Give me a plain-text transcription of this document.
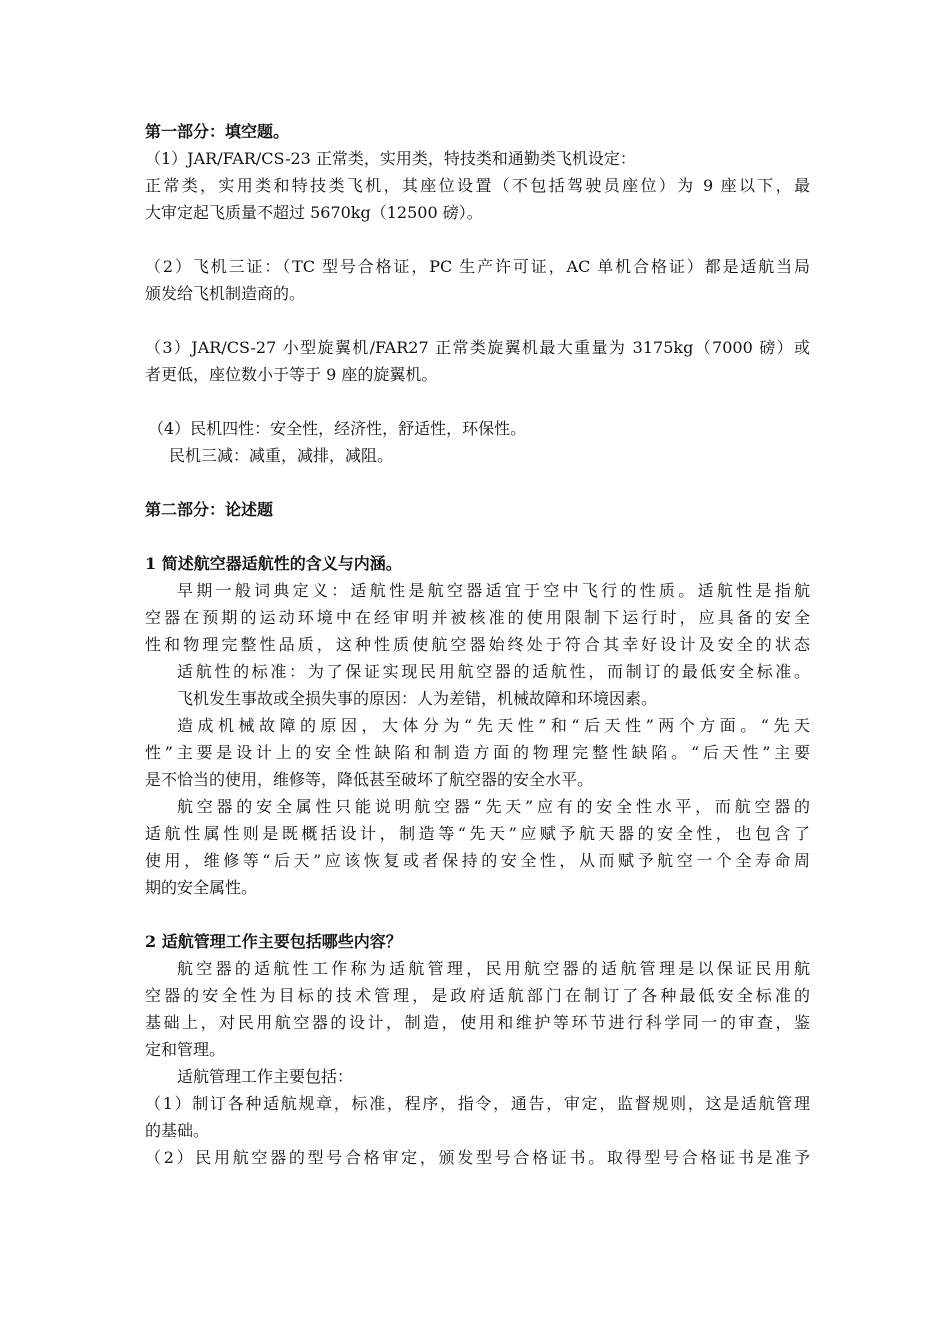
第一部分：填空题。
（1）JAR/FAR/CS-23 正常类，实用类，特技类和通勤类飞机设定：
正常类，实用类和特技类飞机，其座位设置（不包括驾驶员座位）为 9 座以下，最
大审定起飞质量不超过 5670kg（12500 磅）。
（2）飞机三证：（TC 型号合格证，PC 生产许可证，AC 单机合格证）都是适航当局
颁发给飞机制造商的。
（3）JAR/CS-27 小型旋翼机/FAR27 正常类旋翼机最大重量为 3175kg（7000 磅）或
者更低，座位数小于等于 9 座的旋翼机。
（4）民机四性：安全性，经济性，舒适性，环保性。
民机三减：减重，减排，减阻。
第二部分：论述题
1 简述航空器适航性的含义与内涵。
早期一般词典定义：适航性是航空器适宜于空中飞行的性质。适航性是指航
空器在预期的运动环境中在经审明并被核准的使用限制下运行时，应具备的安全
性和物理完整性品质，这种性质使航空器始终处于符合其幸好设计及安全的状态
适航性的标准：为了保证实现民用航空器的适航性，而制订的最低安全标准。
飞机发生事故或全损失事的原因：人为差错，机械故障和环境因素。
造成机械故障的原因，大体分为“先天性”和“后天性”两个方面。“先天
性”主要是设计上的安全性缺陷和制造方面的物理完整性缺陷。“后天性”主要
是不恰当的使用，维修等，降低甚至破坏了航空器的安全水平。
航空器的安全属性只能说明航空器“先天”应有的安全性水平，而航空器的
适航性属性则是既概括设计，制造等“先天”应赋予航天器的安全性，也包含了
使用，维修等“后天”应该恢复或者保持的安全性，从而赋予航空一个全寿命周
期的安全属性。
2 适航管理工作主要包括哪些内容？
航空器的适航性工作称为适航管理，民用航空器的适航管理是以保证民用航
空器的安全性为目标的技术管理，是政府适航部门在制订了各种最低安全标准的
基础上，对民用航空器的设计，制造，使用和维护等环节进行科学同一的审查，鉴
定和管理。
适航管理工作主要包括：
（1）制订各种适航规章，标准，程序，指令，通告，审定，监督规则，这是适航管理
的基础。
（2）民用航空器的型号合格审定，颁发型号合格证书。取得型号合格证书是准予
